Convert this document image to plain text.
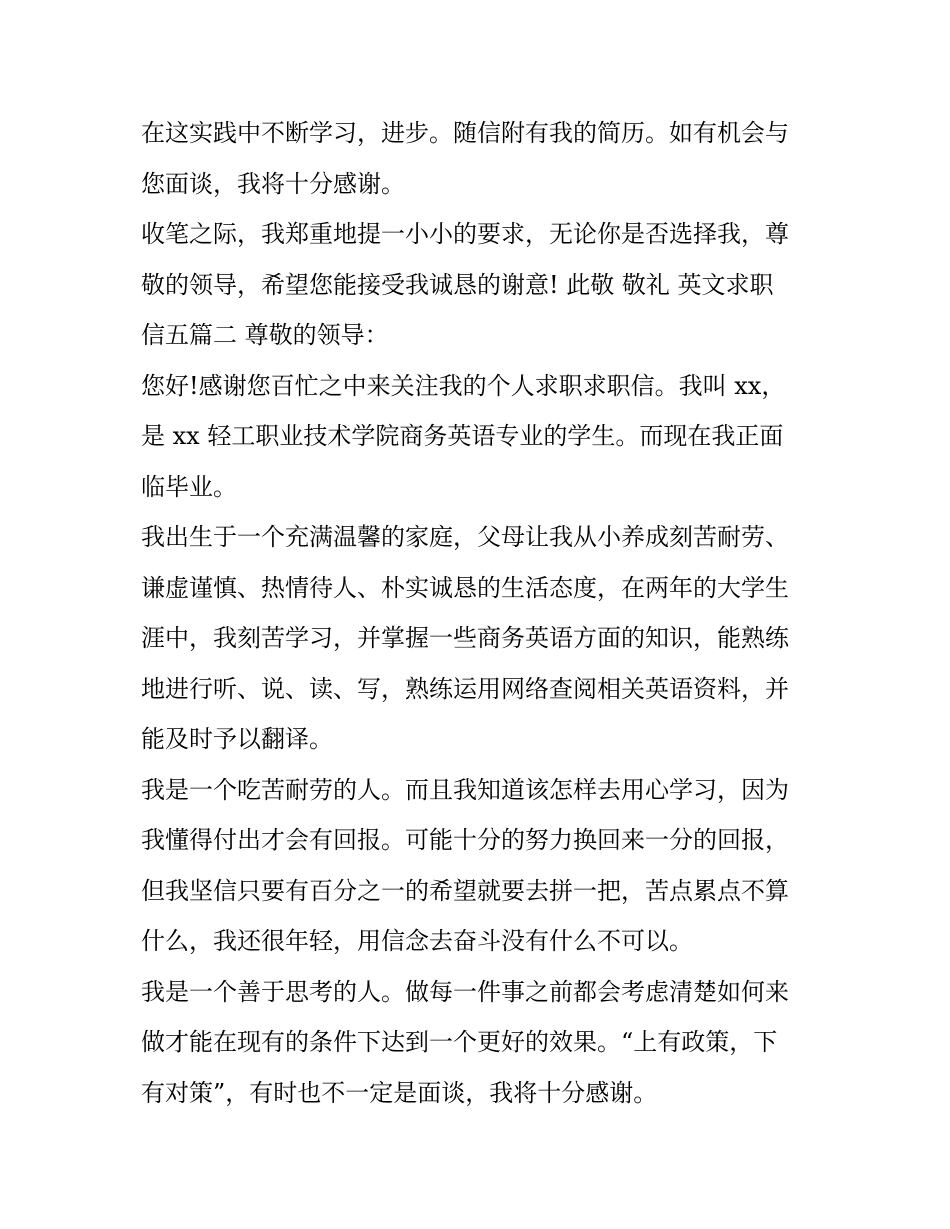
在这实践中不断学习，进步。随信附有我的简历。如有机会与
您面谈，我将十分感谢。
收笔之际，我郑重地提一小小的要求，无论你是否选择我，尊
敬的领导，希望您能接受我诚恳的谢意! 此敬 敬礼 英文求职
信五篇二 尊敬的领导：
您好!感谢您百忙之中来关注我的个人求职求职信。我叫 xx，
是 xx 轻工职业技术学院商务英语专业的学生。而现在我正面
临毕业。
我出生于一个充满温馨的家庭，父母让我从小养成刻苦耐劳、
谦虚谨慎、热情待人、朴实诚恳的生活态度，在两年的大学生
涯中，我刻苦学习，并掌握一些商务英语方面的知识，能熟练
地进行听、说、读、写，熟练运用网络查阅相关英语资料，并
能及时予以翻译。
我是一个吃苦耐劳的人。而且我知道该怎样去用心学习，因为
我懂得付出才会有回报。可能十分的努力换回来一分的回报，
但我坚信只要有百分之一的希望就要去拼一把，苦点累点不算
什么，我还很年轻，用信念去奋斗没有什么不可以。
我是一个善于思考的人。做每一件事之前都会考虑清楚如何来
做才能在现有的条件下达到一个更好的效果。“上有政策，下
有对策”，有时也不一定是面谈，我将十分感谢。
